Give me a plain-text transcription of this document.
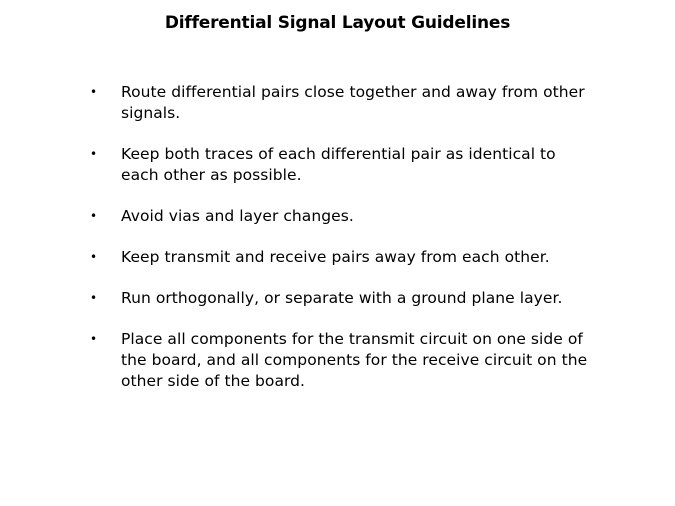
Differential Signal Layout Guidelines
• Route differential pairs close together and away from other signals.
• Keep both traces of each differential pair as identical to each other as possible.
• Avoid vias and layer changes.
• Keep transmit and receive pairs away from each other.
• Run orthogonally, or separate with a ground plane layer.
• Place all components for the transmit circuit on one side of the board, and all components for the receive circuit on the other side of the board.
